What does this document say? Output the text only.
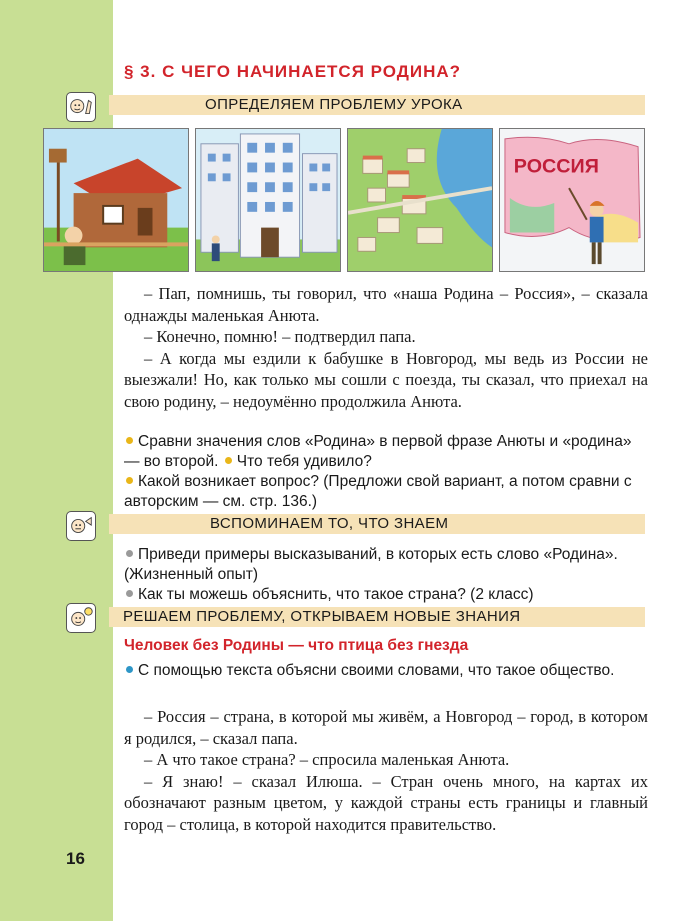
§ 3. С ЧЕГО НАЧИНАЕТСЯ РОДИНА?
ОПРЕДЕЛЯЕМ ПРОБЛЕМУ УРОКА
РОССИЯ

– Пап, помнишь, ты говорил, что «наша Родина – Россия», – сказала однажды маленькая Анюта.

– Конечно, помню! – подтвердил папа.

– А когда мы ездили к бабушке в Новгород, мы ведь из России не выезжали! Но, как только мы сошли с поезда, ты сказал, что приехал на свою родину, – недоумённо продолжила Анюта.

Сравни значения слов «Родина» в первой фразе Анюты и «родина» — во второй. Что тебя удивило?

Какой возникает вопрос? (Предложи свой вариант, а потом сравни с авторским — см. стр. 136.)

ВСПОМИНАЕМ ТО, ЧТО ЗНАЕМ

Приведи примеры высказываний, в которых есть слово «Родина». (Жизненный опыт)

Как ты можешь объяснить, что такое страна? (2 класс)

РЕШАЕМ ПРОБЛЕМУ, ОТКРЫВАЕМ НОВЫЕ ЗНАНИЯ
Человек без Родины — что птица без гнезда

С помощью текста объясни своими словами, что такое общество.

– Россия – страна, в которой мы живём, а Новгород – город, в котором я родился, – сказал папа.

– А что такое страна? – спросила маленькая Анюта.

– Я знаю! – сказал Илюша. – Стран очень много, на картах их обозначают разным цветом, у каждой страны есть границы и главный город – столица, в которой находится правительство.

16
